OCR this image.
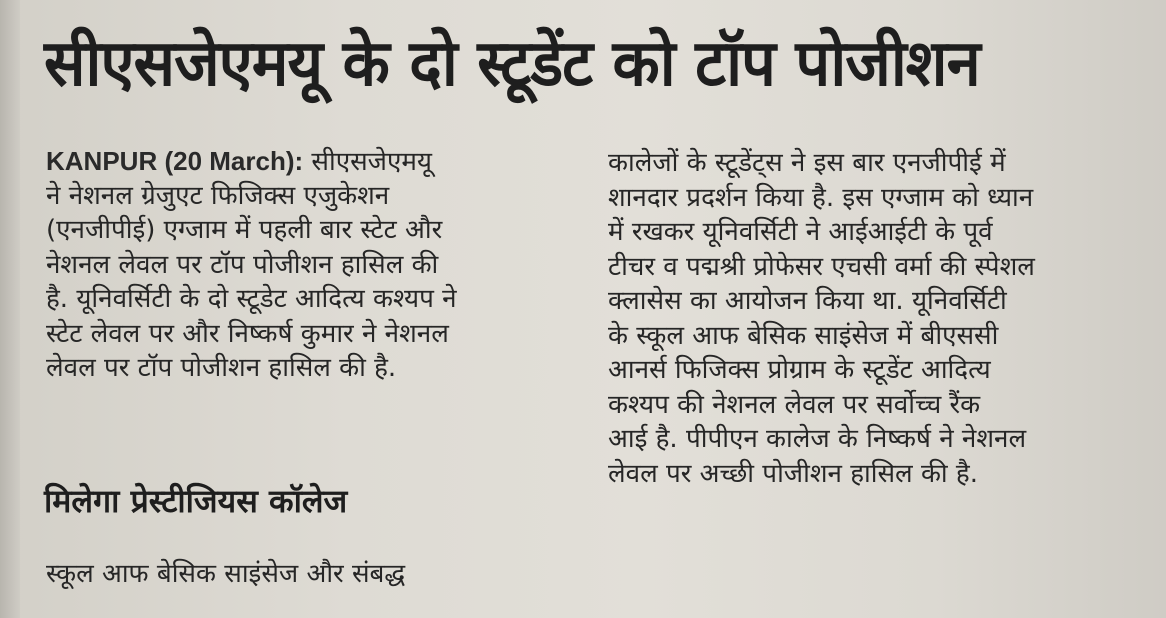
सीएसजेएमयू के दो स्टूडेंट को टॉप पोजीशन
KANPUR (20 March): सीएसजेएमयू
ने नेशनल ग्रेजुएट फिजिक्स एजुकेशन
(एनजीपीई) एग्जाम में पहली बार स्टेट और
नेशनल लेवल पर टॉप पोजीशन हासिल की
है. यूनिवर्सिटी के दो स्टूडेट आदित्य कश्यप ने
स्टेट लेवल पर और निष्कर्ष कुमार ने नेशनल
लेवल पर टॉप पोजीशन हासिल की है.
मिलेगा प्रेस्टीजियस कॉलेज
स्कूल आफ बेसिक साइंसेज और संबद्ध
कालेजों के स्टूडेंट्स ने इस बार एनजीपीई में
शानदार प्रदर्शन किया है. इस एग्जाम को ध्यान
में रखकर यूनिवर्सिटी ने आईआईटी के पूर्व
टीचर व पद्मश्री प्रोफेसर एचसी वर्मा की स्पेशल
क्लासेस का आयोजन किया था. यूनिवर्सिटी
के स्कूल आफ बेसिक साइंसेज में बीएससी
आनर्स फिजिक्स प्रोग्राम के स्टूडेंट आदित्य
कश्यप की नेशनल लेवल पर सर्वोच्च रैंक
आई है. पीपीएन कालेज के निष्कर्ष ने नेशनल
लेवल पर अच्छी पोजीशन हासिल की है.
